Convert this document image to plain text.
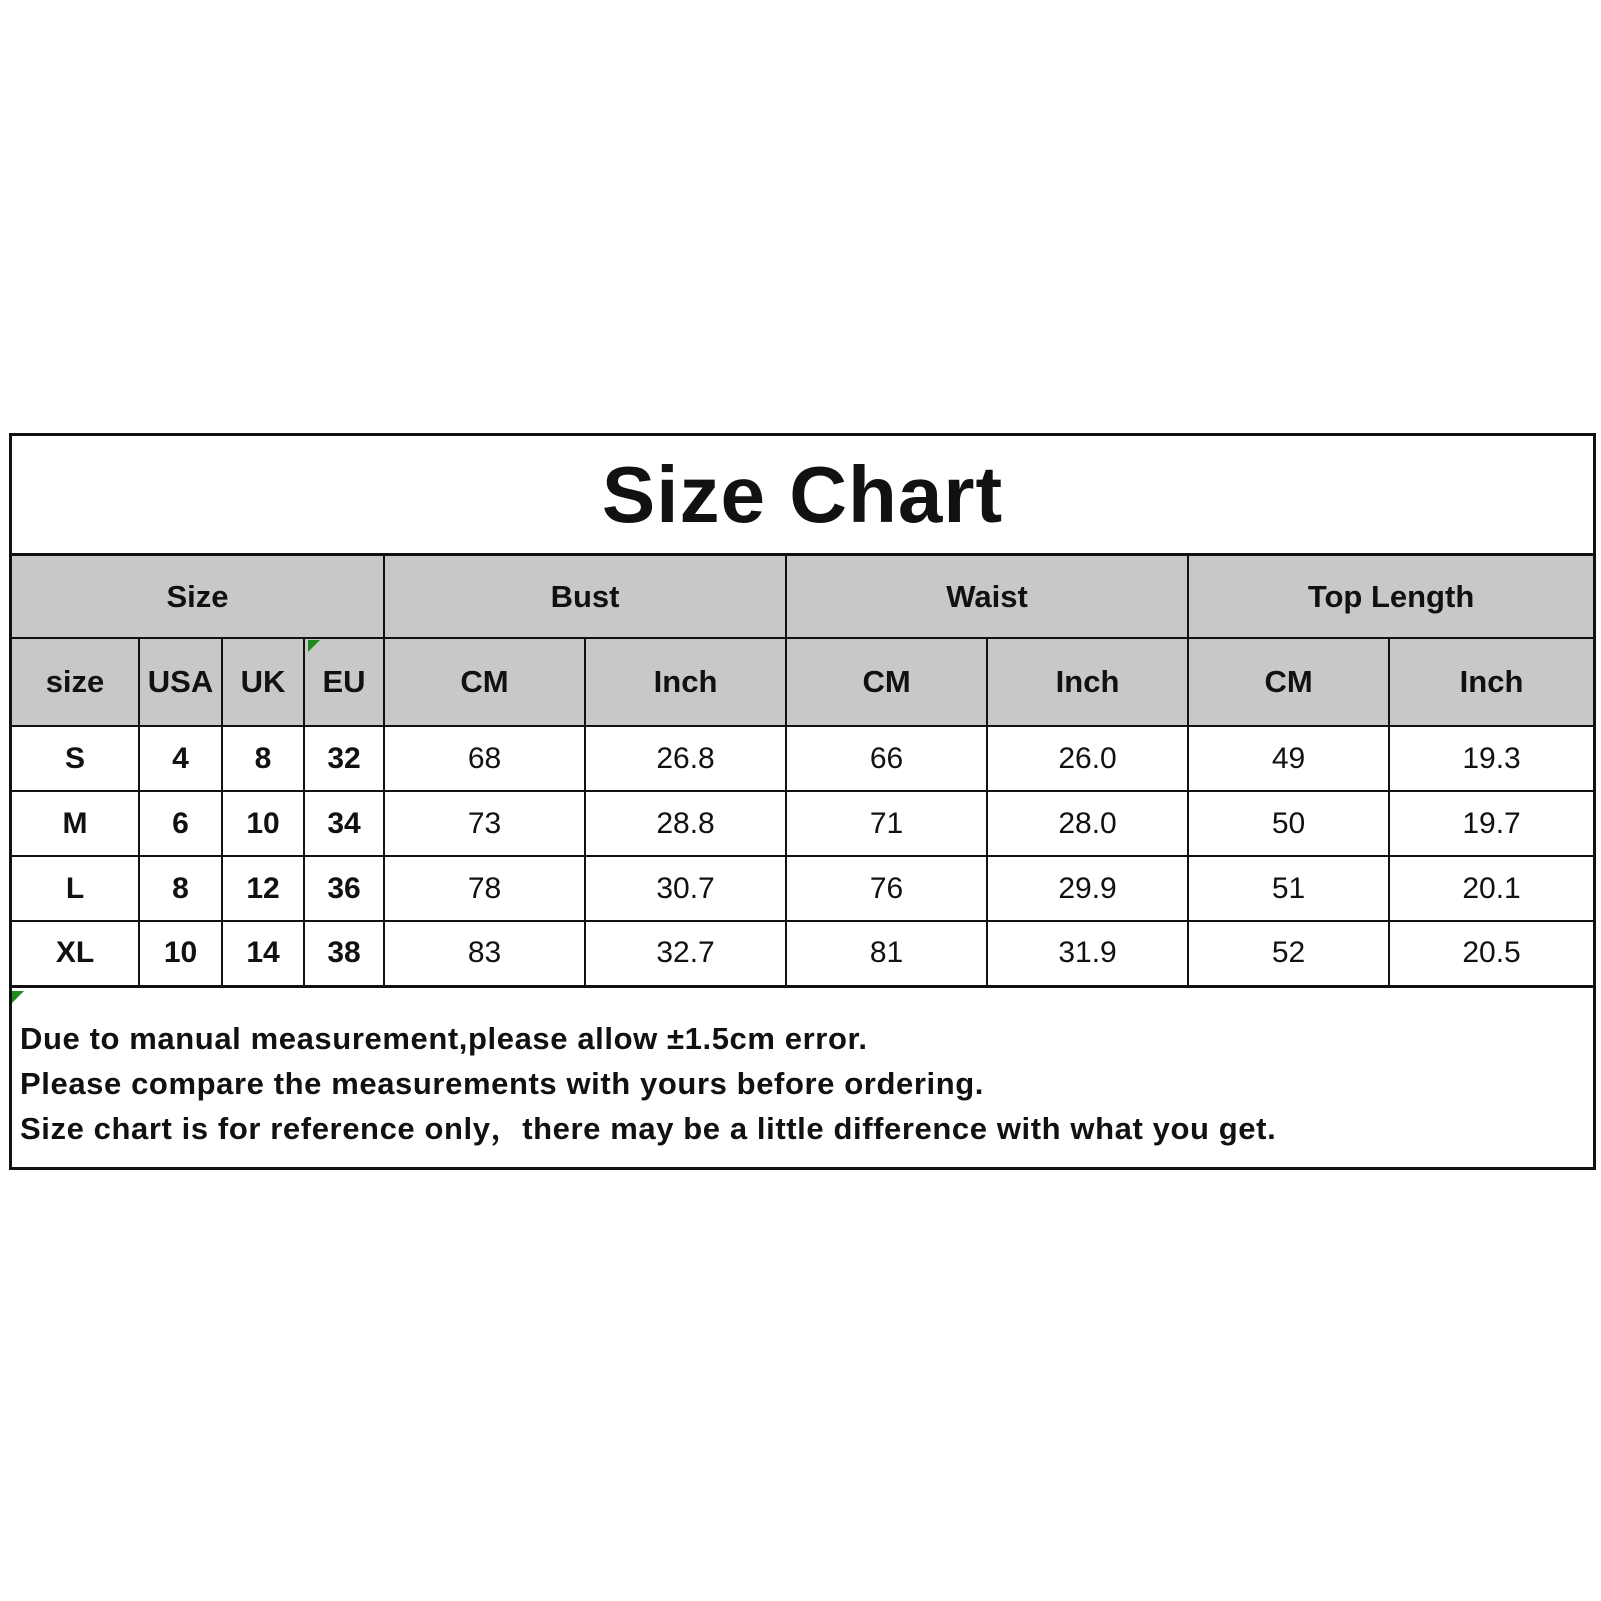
Size Chart
Size				Bust		Waist		Top Length	
size	USA	UK	EU	CM	Inch	CM	Inch	CM	Inch
S	4	8	32	68	26.8	66	26.0	49	19.3
M	6	10	34	73	28.8	71	28.0	50	19.7
L	8	12	36	78	30.7	76	29.9	51	20.1
XL	10	14	38	83	32.7	81	31.9	52	20.5
Due to manual measurement,please allow ±1.5cm error.
Please compare the measurements with yours before ordering.
Size chart is for reference only，there may be a little difference with what you get.
